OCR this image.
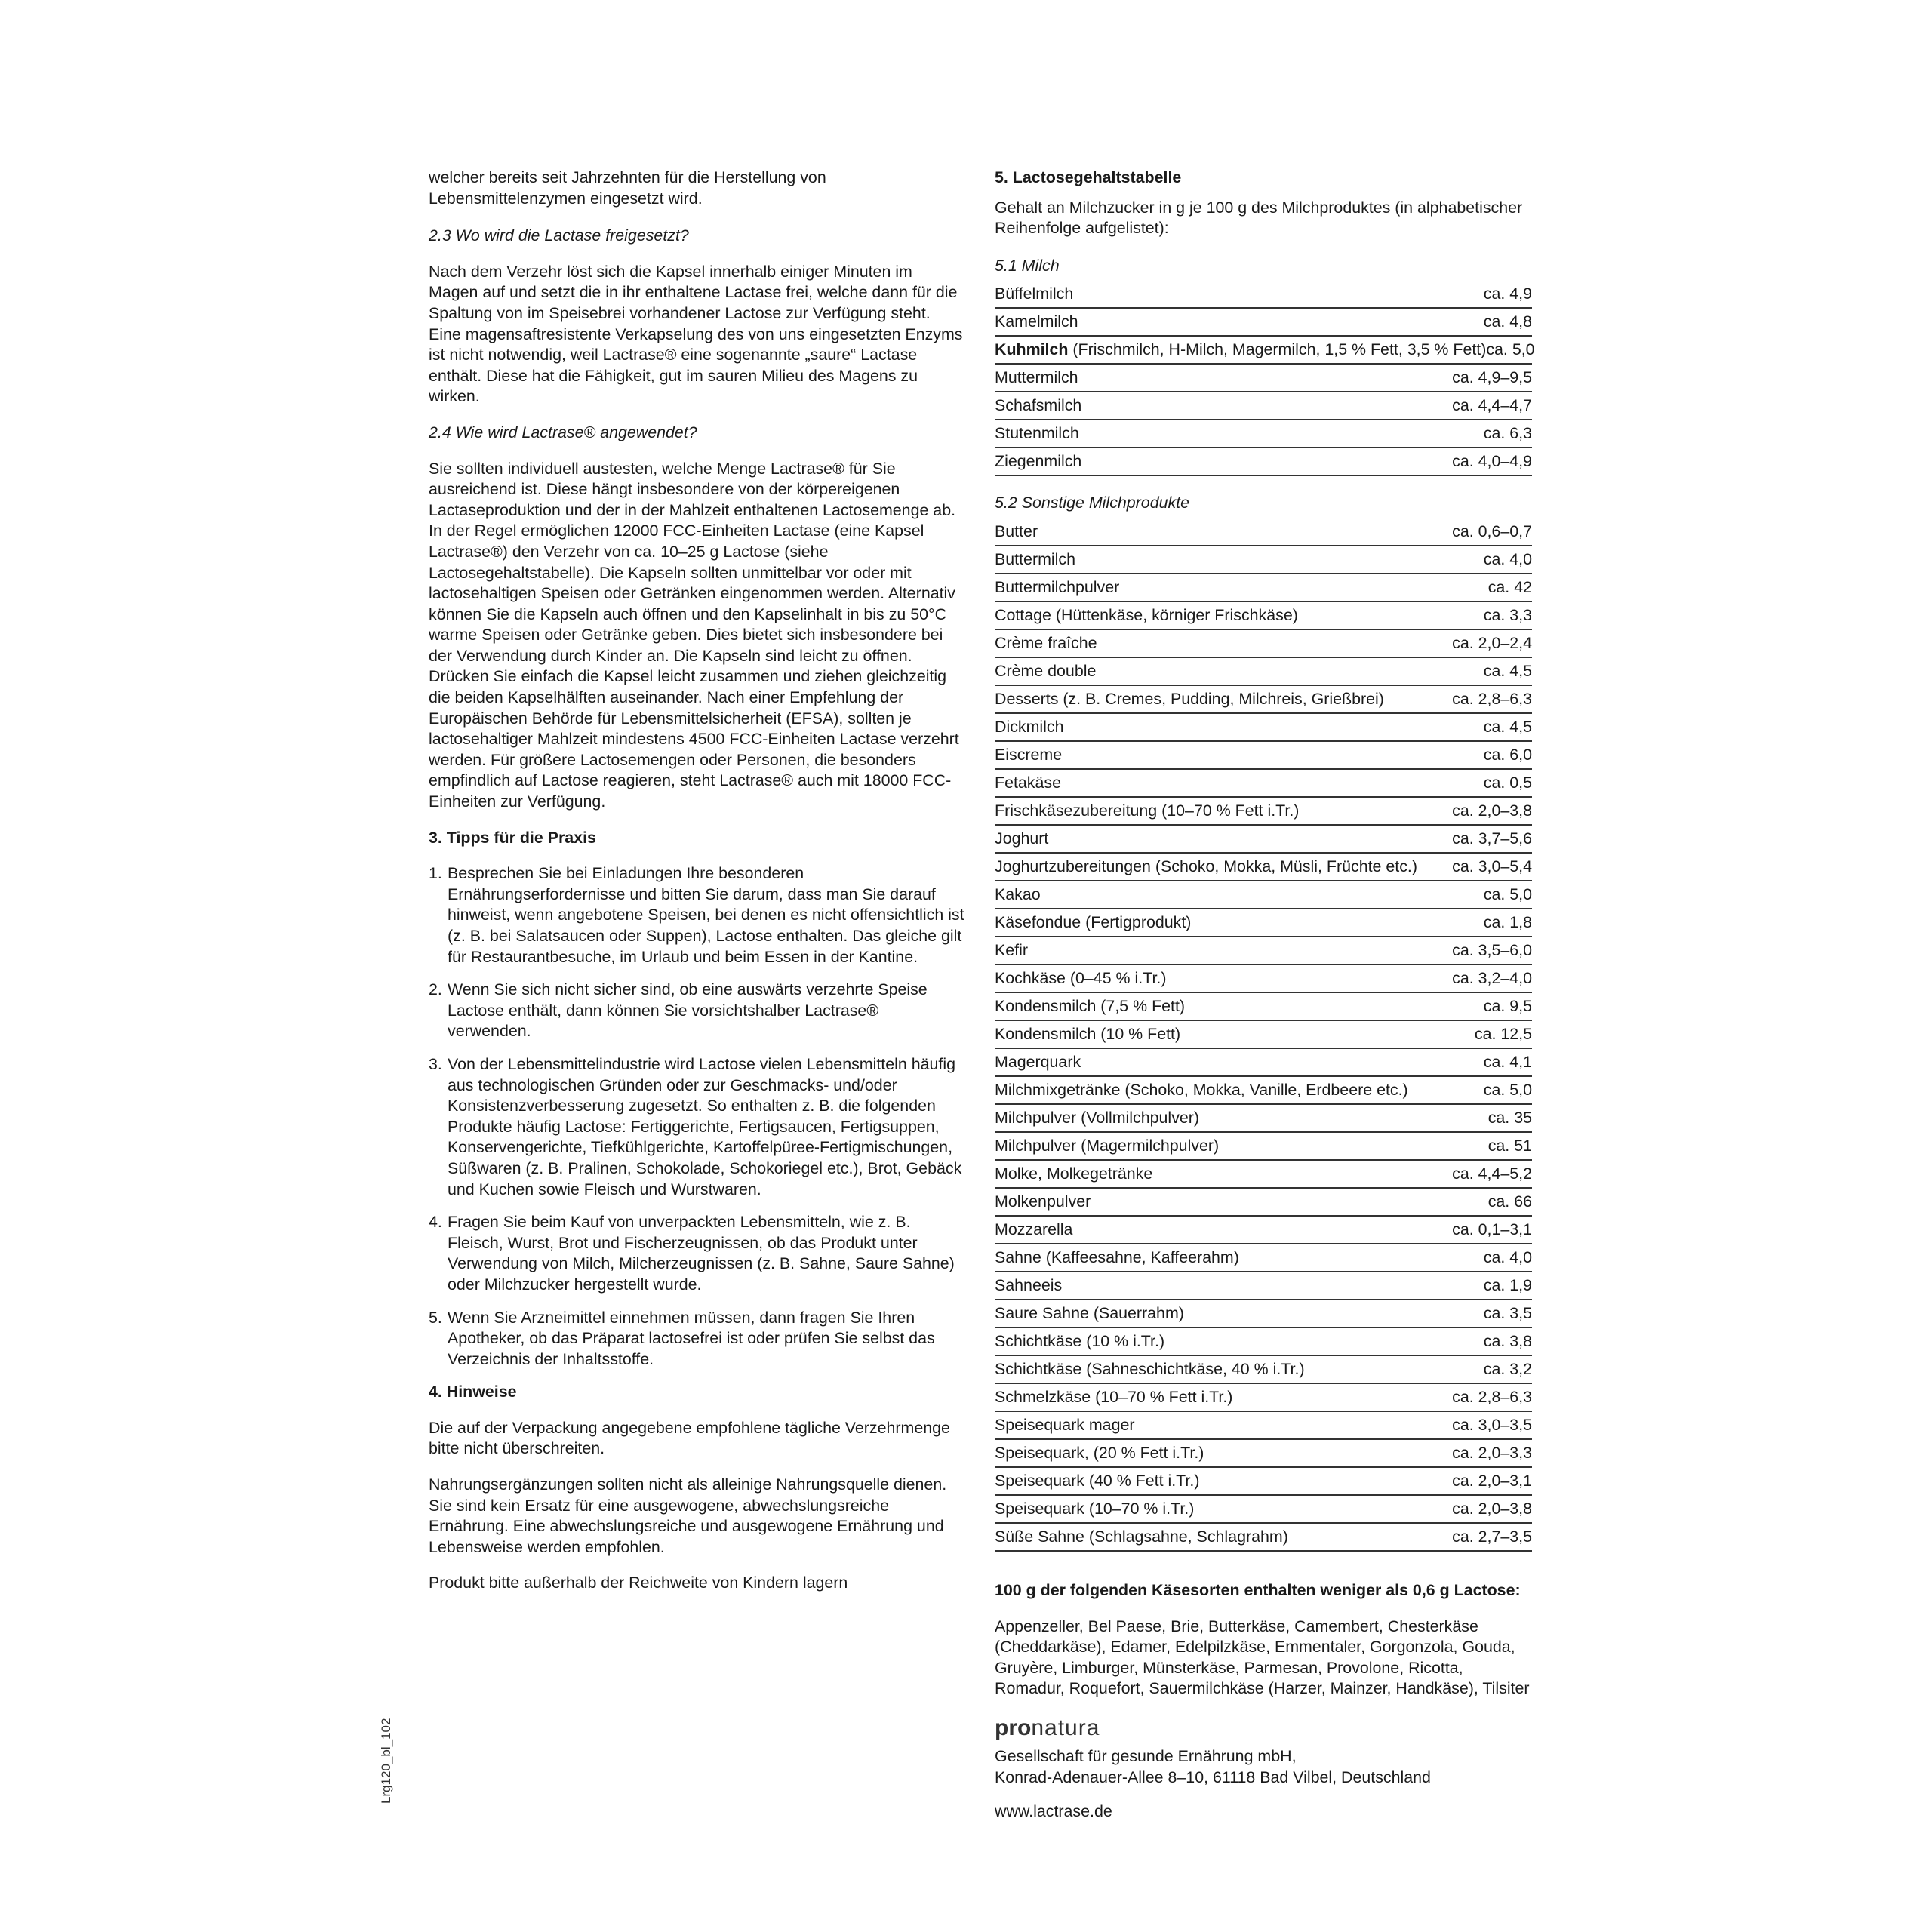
welcher bereits seit Jahrzehnten für die Herstellung von Lebensmittelenzymen eingesetzt wird.

2.3 Wo wird die Lactase freigesetzt?

Nach dem Verzehr löst sich die Kapsel innerhalb einiger Minuten im Magen auf und setzt die in ihr enthaltene Lactase frei, welche dann für die Spaltung von im Speisebrei vorhandener Lactose zur Verfügung steht. Eine magensaftresistente Verkapselung des von uns eingesetzten Enzyms ist nicht notwendig, weil Lactrase® eine sogenannte „saure“ Lactase enthält. Diese hat die Fähigkeit, gut im sauren Milieu des Magens zu wirken.

2.4 Wie wird Lactrase® angewendet?

Sie sollten individuell austesten, welche Menge Lactrase® für Sie ausreichend ist. Diese hängt insbesondere von der körpereigenen Lactaseproduktion und der in der Mahlzeit enthaltenen Lactosemenge ab. In der Regel ermöglichen 12000 FCC-Einheiten Lactase (eine Kapsel Lactrase®) den Verzehr von ca. 10–25 g Lactose (siehe Lactosegehaltstabelle). Die Kapseln sollten unmittelbar vor oder mit lactosehaltigen Speisen oder Getränken eingenommen werden. Alternativ können Sie die Kapseln auch öffnen und den Kapselinhalt in bis zu 50°C warme Speisen oder Getränke geben. Dies bietet sich insbesondere bei der Verwendung durch Kinder an. Die Kapseln sind leicht zu öffnen. Drücken Sie einfach die Kapsel leicht zusammen und ziehen gleichzeitig die beiden Kapselhälften auseinander. Nach einer Empfehlung der Europäischen Behörde für Lebensmittelsicherheit (EFSA), sollten je lactosehaltiger Mahlzeit mindestens 4500 FCC-Einheiten Lactase verzehrt werden. Für größere Lactosemengen oder Personen, die besonders empfindlich auf Lactose reagieren, steht Lactrase® auch mit 18000 FCC-Einheiten zur Verfügung.

3. Tipps für die Praxis

1. Besprechen Sie bei Einladungen Ihre besonderen Ernährungserfordernisse und bitten Sie darum, dass man Sie darauf hinweist, wenn angebotene Speisen, bei denen es nicht offensichtlich ist (z. B. bei Salatsaucen oder Suppen), Lactose enthalten. Das gleiche gilt für Restaurantbesuche, im Urlaub und beim Essen in der Kantine.
2. Wenn Sie sich nicht sicher sind, ob eine auswärts verzehrte Speise Lactose enthält, dann können Sie vorsichtshalber Lactrase® verwenden.
3. Von der Lebensmittelindustrie wird Lactose vielen Lebensmitteln häufig aus technologischen Gründen oder zur Geschmacks- und/oder Konsistenzverbesserung zugesetzt. So enthalten z. B. die folgenden Produkte häufig Lactose: Fertiggerichte, Fertigsaucen, Fertigsuppen, Konservengerichte, Tiefkühlgerichte, Kartoffelpüree-Fertigmischungen, Süßwaren (z. B. Pralinen, Schokolade, Schokoriegel etc.), Brot, Gebäck und Kuchen sowie Fleisch und Wurstwaren.
4. Fragen Sie beim Kauf von unverpackten Lebensmitteln, wie z. B. Fleisch, Wurst, Brot und Fischerzeugnissen, ob das Produkt unter Verwendung von Milch, Milcherzeugnissen (z. B. Sahne, Saure Sahne) oder Milchzucker hergestellt wurde.
5. Wenn Sie Arzneimittel einnehmen müssen, dann fragen Sie Ihren Apotheker, ob das Präparat lactosefrei ist oder prüfen Sie selbst das Verzeichnis der Inhaltsstoffe.

4. Hinweise

Die auf der Verpackung angegebene empfohlene tägliche Verzehrmenge bitte nicht überschreiten.

Nahrungsergänzungen sollten nicht als alleinige Nahrungsquelle dienen. Sie sind kein Ersatz für eine ausgewogene, abwechslungsreiche Ernährung. Eine abwechslungsreiche und ausgewogene Ernährung und Lebensweise werden empfohlen.

Produkt bitte außerhalb der Reichweite von Kindern lagern

5. Lactosegehaltstabelle

Gehalt an Milchzucker in g je 100 g des Milchproduktes (in alphabetischer Reihenfolge aufgelistet):

5.1 Milch

Büffelmilch	ca. 4,9
Kamelmilch	ca. 4,8
Kuhmilch (Frischmilch, H-Milch, Magermilch, 1,5 % Fett, 3,5 % Fett) ca. 5,0
Muttermilch	ca. 4,9–9,5
Schafsmilch	ca. 4,4–4,7
Stutenmilch	ca. 6,3
Ziegenmilch	ca. 4,0–4,9

5.2 Sonstige Milchprodukte

Butter	ca. 0,6–0,7
Buttermilch	ca. 4,0
Buttermilchpulver	ca. 42
Cottage (Hüttenkäse, körniger Frischkäse)	ca. 3,3
Crème fraîche	ca. 2,0–2,4
Crème double	ca. 4,5
Desserts (z. B. Cremes, Pudding, Milchreis, Grießbrei)	ca. 2,8–6,3
Dickmilch	ca. 4,5
Eiscreme	ca. 6,0
Fetakäse	ca. 0,5
Frischkäsezubereitung (10–70 % Fett i.Tr.)	ca. 2,0–3,8
Joghurt	ca. 3,7–5,6
Joghurtzubereitungen (Schoko, Mokka, Müsli, Früchte etc.) ca. 3,0–5,4
Kakao	ca. 5,0
Käsefondue (Fertigprodukt)	ca. 1,8
Kefir	ca. 3,5–6,0
Kochkäse (0–45 % i.Tr.)	ca. 3,2–4,0
Kondensmilch (7,5 % Fett)	ca. 9,5
Kondensmilch (10 % Fett)	ca. 12,5
Magerquark	ca. 4,1
Milchmixgetränke (Schoko, Mokka, Vanille, Erdbeere etc.)	ca. 5,0
Milchpulver (Vollmilchpulver)	ca. 35
Milchpulver (Magermilchpulver)	ca. 51
Molke, Molkegetränke	ca. 4,4–5,2
Molkenpulver	ca. 66
Mozzarella	ca. 0,1–3,1
Sahne (Kaffeesahne, Kaffeerahm)	ca. 4,0
Sahneeis	ca. 1,9
Saure Sahne (Sauerrahm)	ca. 3,5
Schichtkäse (10 % i.Tr.)	ca. 3,8
Schichtkäse (Sahneschichtkäse, 40 % i.Tr.)	ca. 3,2
Schmelzkäse (10–70 % Fett i.Tr.)	ca. 2,8–6,3
Speisequark mager	ca. 3,0–3,5
Speisequark, (20 % Fett i.Tr.)	ca. 2,0–3,3
Speisequark (40 % Fett i.Tr.)	ca. 2,0–3,1
Speisequark (10–70 % i.Tr.)	ca. 2,0–3,8
Süße Sahne (Schlagsahne, Schlagrahm)	ca. 2,7–3,5

100 g der folgenden Käsesorten enthalten weniger als 0,6 g Lactose:

Appenzeller, Bel Paese, Brie, Butterkäse, Camembert, Chesterkäse (Cheddarkäse), Edamer, Edelpilzkäse, Emmentaler, Gorgonzola, Gouda, Gruyère, Limburger, Münsterkäse, Parmesan, Provolone, Ricotta, Romadur, Roquefort, Sauermilchkäse (Harzer, Mainzer, Handkäse), Tilsiter

pronatura

Gesellschaft für gesunde Ernährung mbH,

Konrad-Adenauer-Allee 8–10, 61118 Bad Vilbel, Deutschland

www.lactrase.de

Lrg120_bl_102
